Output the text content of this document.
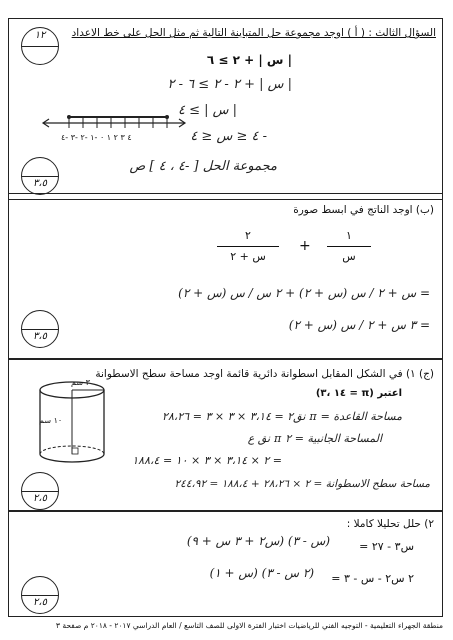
السؤال الثالث : ( أ ) اوجد مجموعة حل المتباينة التالية ثم مثل الحل على خط الاعداد
| س | + ٢ ≥ ٦
| س | + ٢ - ٢ ≥ ٦ - ٢
| س | ≥ ٤
- ٤ ≤ س ≤ ٤
مجموعة الحل [ -٤ ، ٤ ] ص
٤ ٣ ٢ ١ ٠ -١ -٢ -٣ -٤
١٢
٣،٥
(ب) اوجد الناتج في ابسط صورة
١
س
+
٢
س + ٢
= س + ٢ / س (س + ٢) + ٢ س / س (س + ٢)
= ٣ س + ٢ / س (س + ٢)
٣،٥
(ج) ١) في الشكل المقابل اسطوانة دائرية قائمة اوجد مساحة سطح الاسطوانة
٣ سم
١٠ سم
اعتبر (π = ١٤ ،٣)
مساحة القاعدة = π نق٢ = ٣،١٤ × ٣ × ٣ = ٢٨،٢٦
المساحة الجانبية = ٢ π نق ع
= ٢ × ٣،١٤ × ٣ × ١٠ = ١٨٨،٤
مساحة سطح الاسطوانة = ٢ × ٢٨،٢٦ + ١٨٨،٤ = ٢٤٤،٩٢
٢،٥
٢) حلل تحليلا كاملا :
س٣ - ٢٧ =
(س - ٣) (س٢ + ٣ س + ٩)
٢ س٢ - س - ٣ =
(٢ س - ٣) (س + ١)
٢،٥
منطقة الجهراء التعليمية - التوجيه الفني للرياضيات اختبار الفترة الاولى للصف التاسع / العام الدراسي ٢٠١٧ - ٢٠١٨ م صفحة ٣
